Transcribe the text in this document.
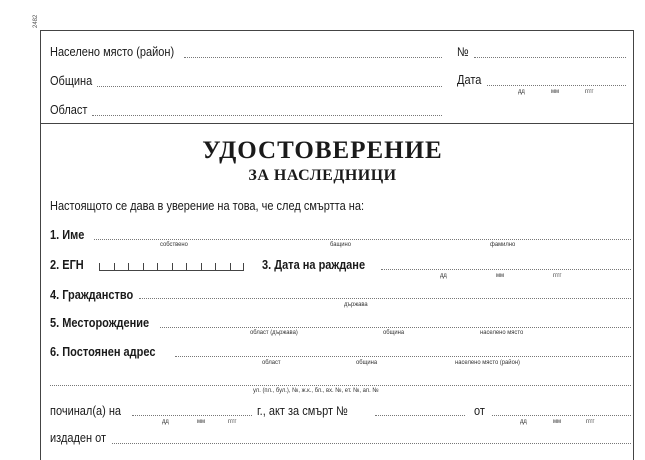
2482
Населено място (район)	№
Община	Дата
дд	мм	гггг
Област
УДОСТОВЕРЕНИЕ
ЗА НАСЛЕДНИЦИ
Настоящото се дава в уверение на това, че след смъртта на:
1. Име
собствено	бащино	фамилно
2. ЕГН	3. Дата на раждане
дд	мм	гггг
4. Гражданство
държава
5. Месторождение
област (държава)	община	населено място
6. Постоянен адрес
област	община	населено място (район)
ул. (пл., бул.), №, ж.к., бл., вх. №, ет. №, ап. №
починал(а) на
дд	мм	гггг
г., акт за смърт №	от
дд	мм	гггг
издаден от
